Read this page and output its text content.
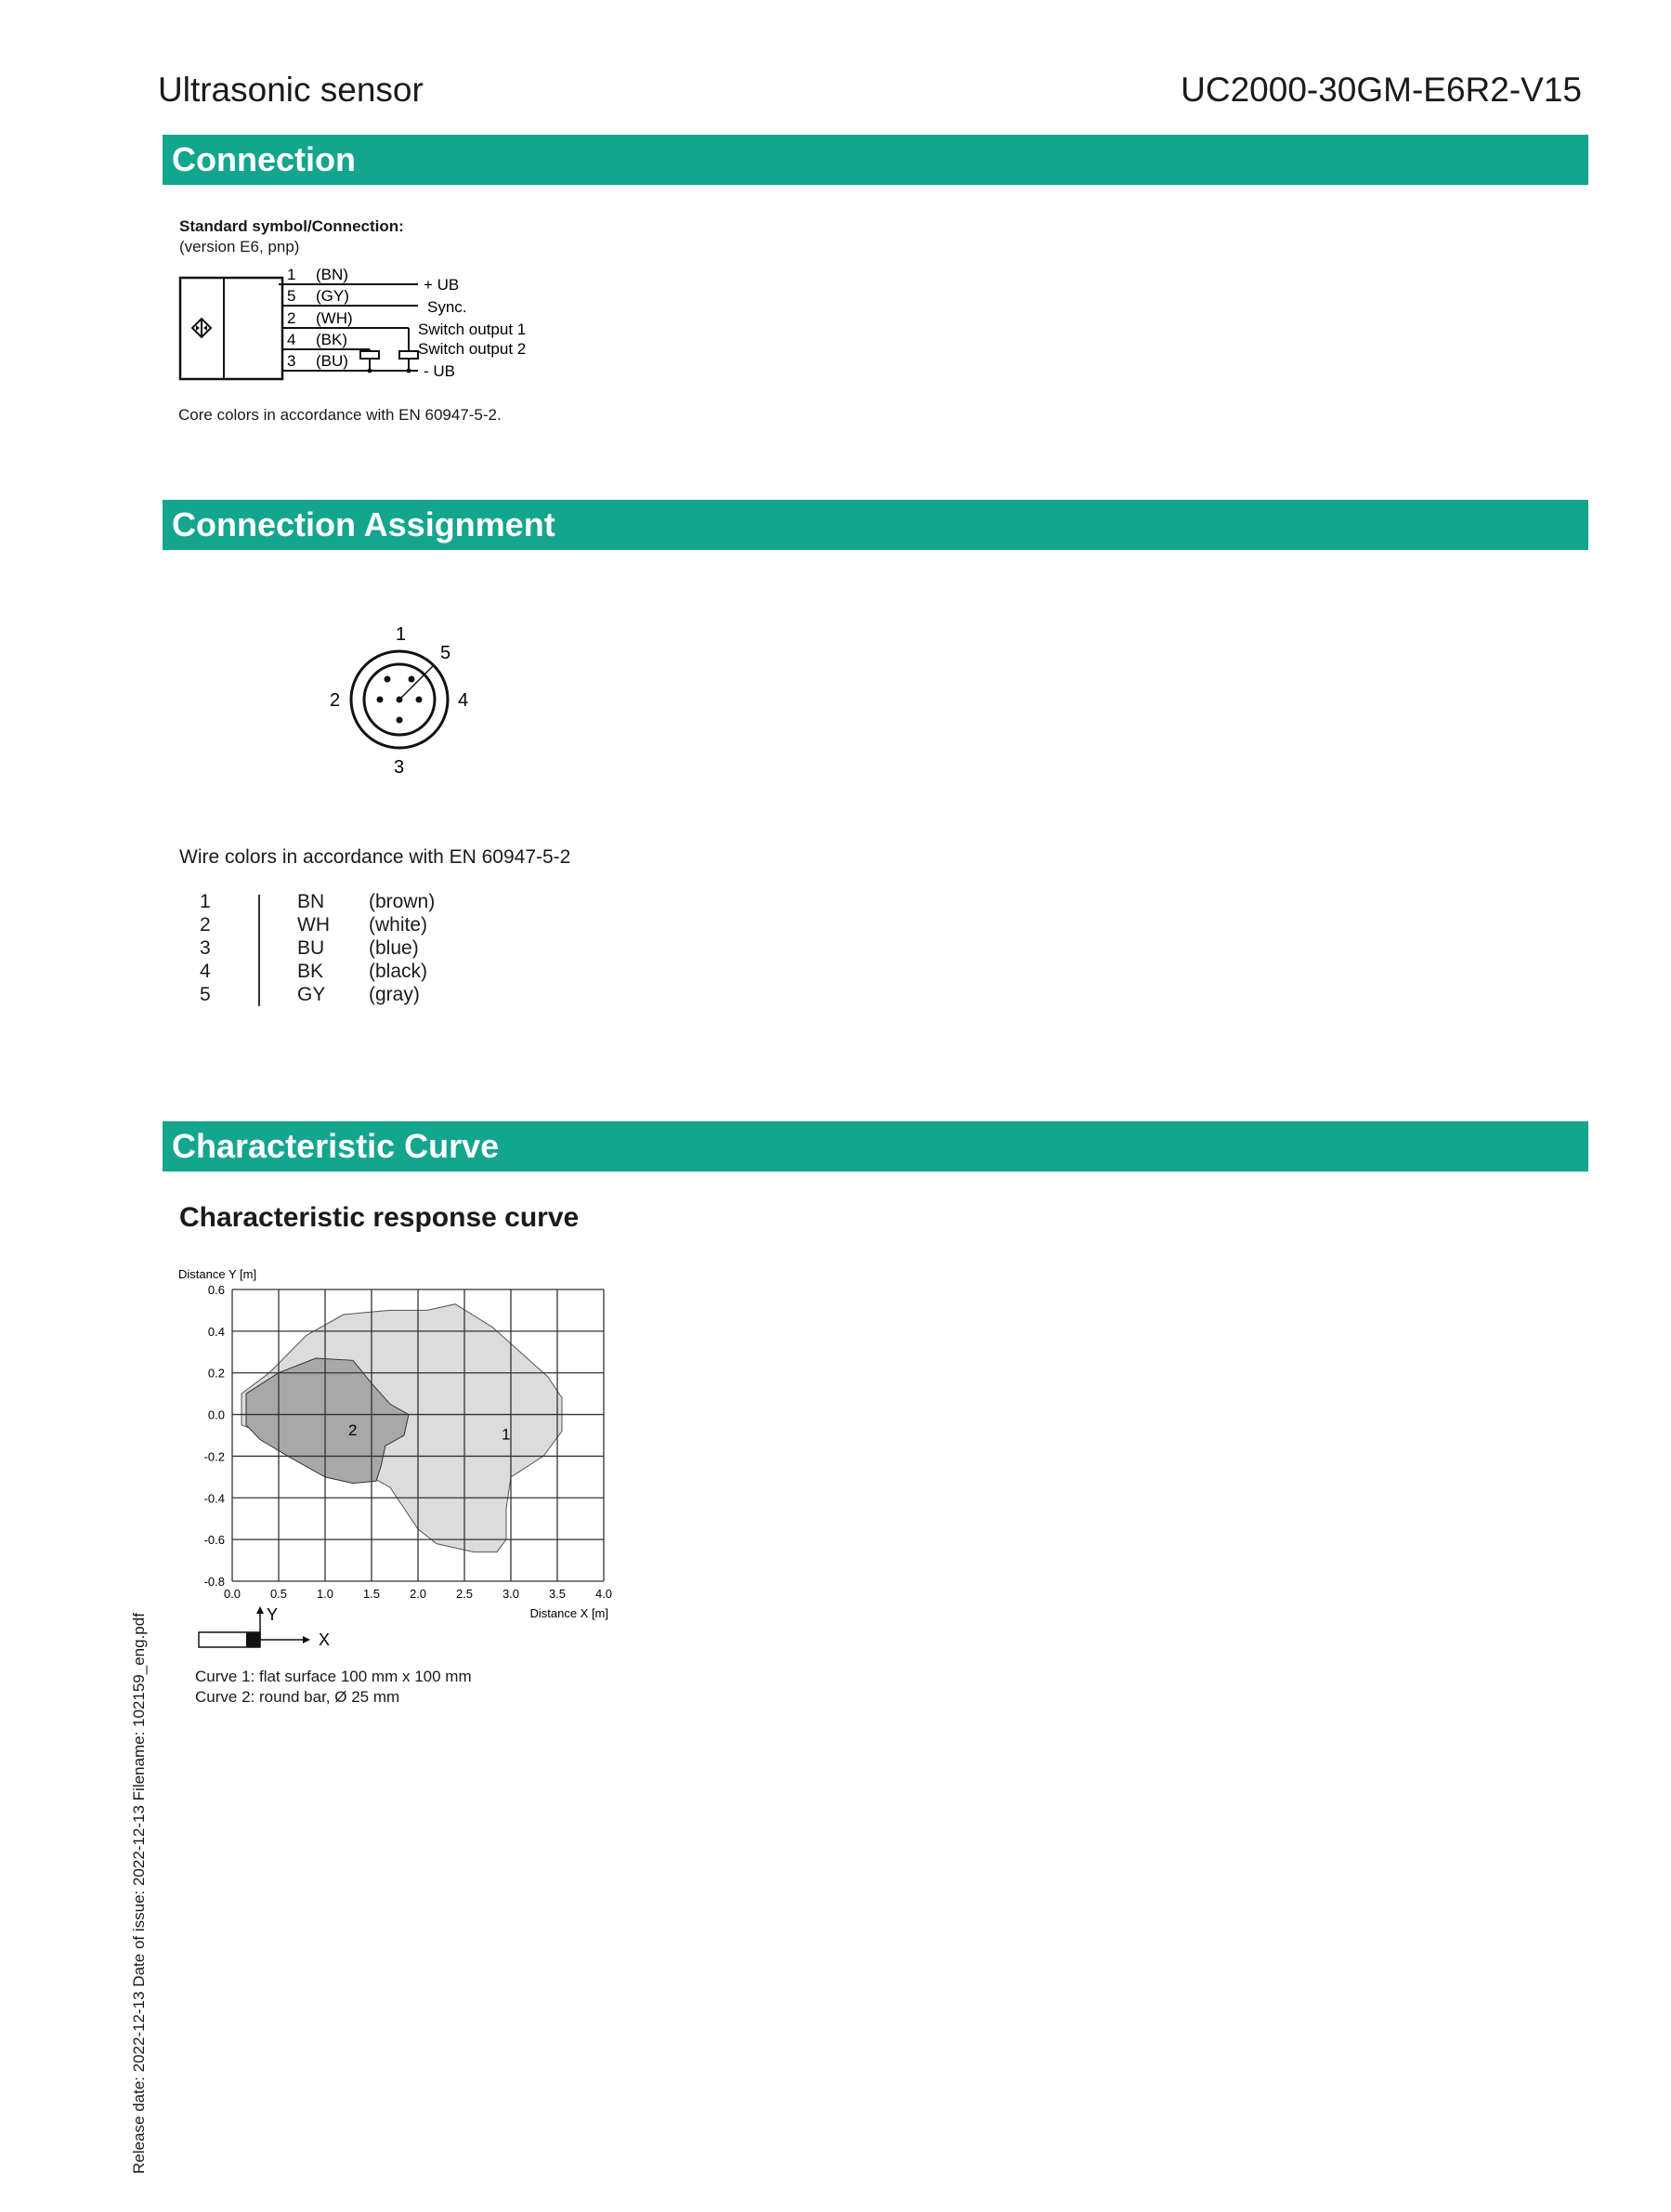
Ultrasonic sensor	UC2000-30GM-E6R2-V15
Connection
Standard symbol/Connection:
(version E6, pnp)
1
5
2
4
3
(BN)
(GY)
(WH)
(BK)
(BU)
+ UB
Sync.
Switch output 1
Switch output 2
- UB
Core colors in accordance with EN 60947-5-2.
Connection Assignment
1
5
2	4
3
Wire colors in accordance with EN 60947-5-2
1
2
3
4
5
BN
WH
BU
BK
GY
(brown)
(white)
(blue)
(black)
(gray)
Characteristic Curve
Characteristic response curve
Distance Y [m]
Distance X [m]
0.0 0.5 1.0 1.5 2.0 2.5 3.0 3.5 4.0
0.6
0.4
0.2
0.0
-0.2
-0.4
-0.6
-0.8
1
2
Y
X
Curve 1: flat surface 100 mm x 100 mm
Curve 2: round bar, Ø 25 mm
Release date: 2022-12-13 Date of issue: 2022-12-13 Filename: 102159_eng.pdf
